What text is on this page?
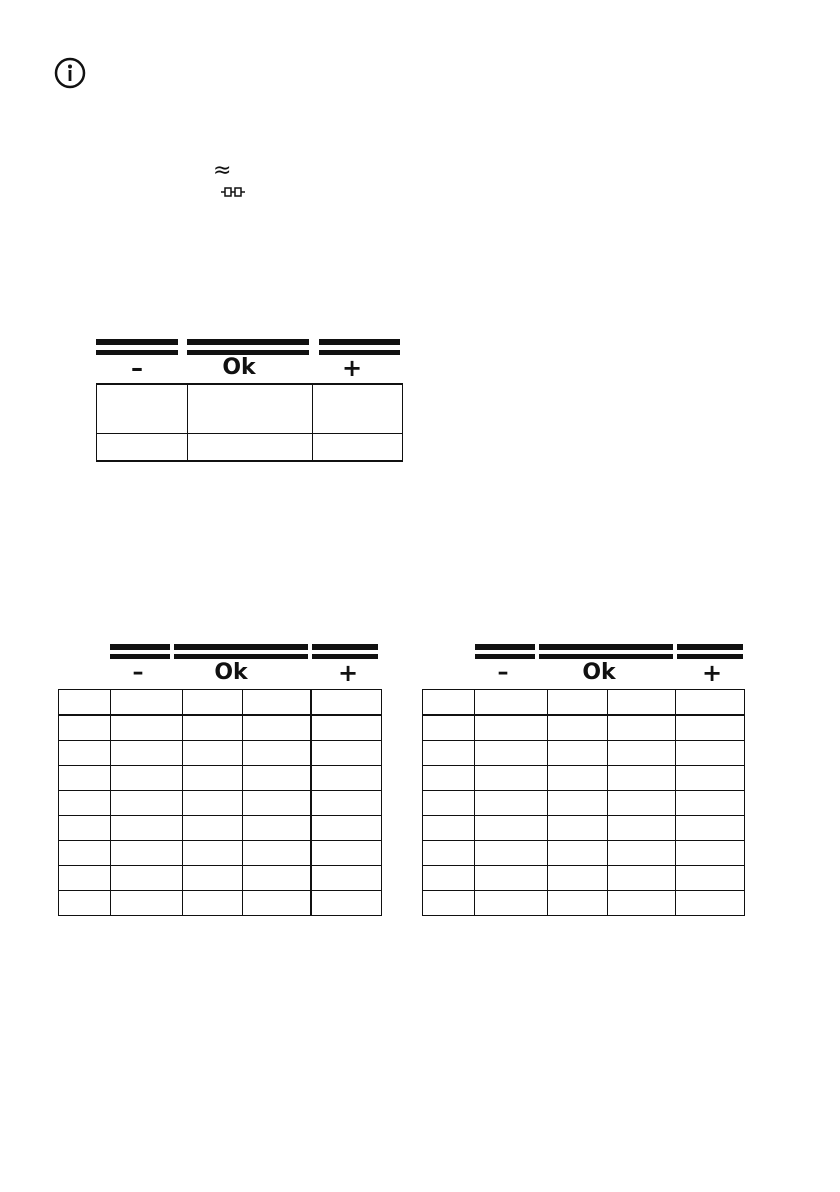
≈
–	Ok	+

–	Ok	+

					–	Ok	+
